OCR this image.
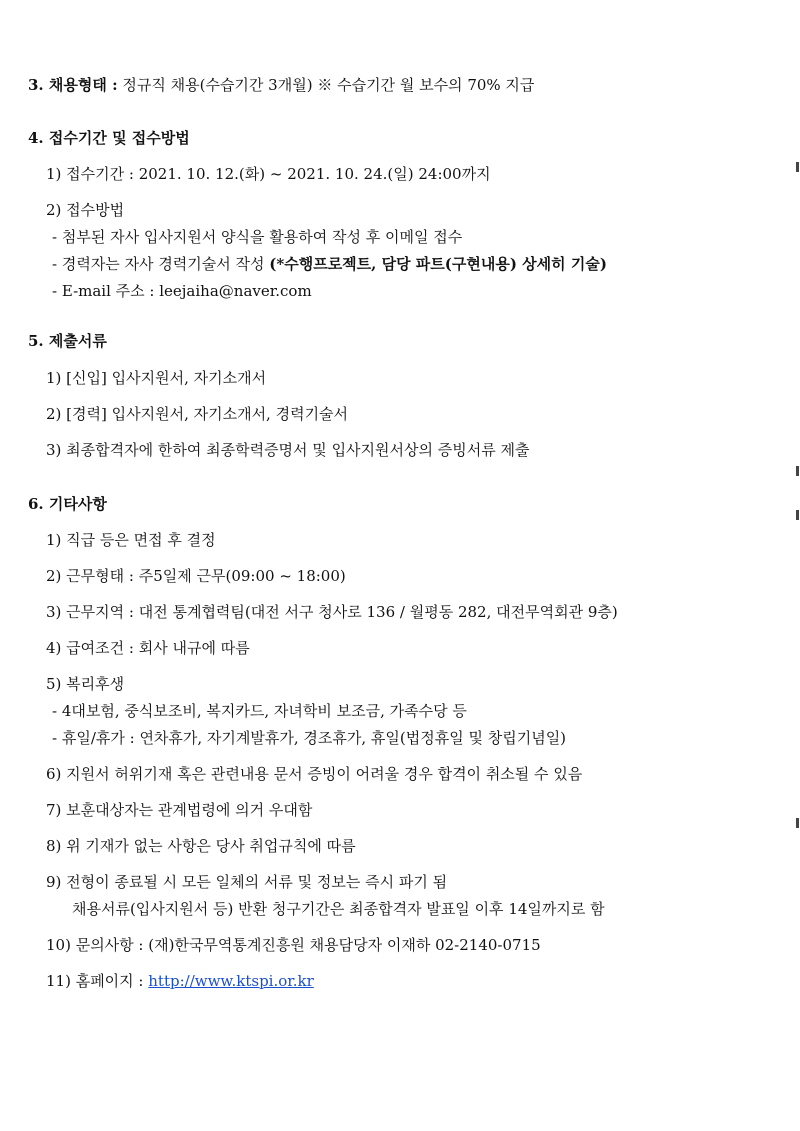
3. 채용형태 : 정규직 채용(수습기간 3개월) ※ 수습기간 월 보수의 70% 지급
4. 접수기간 및 접수방법
1) 접수기간 : 2021. 10. 12.(화) ~ 2021. 10. 24.(일) 24:00까지
2) 접수방법
- 첨부된 자사 입사지원서 양식을 활용하여 작성 후 이메일 접수
- 경력자는 자사 경력기술서 작성 (*수행프로젝트, 담당 파트(구현내용) 상세히 기술)
- E-mail 주소 : leejaiha@naver.com
5. 제출서류
1) [신입] 입사지원서, 자기소개서
2) [경력] 입사지원서, 자기소개서, 경력기술서
3) 최종합격자에 한하여 최종학력증명서 및 입사지원서상의 증빙서류 제출
6. 기타사항
1) 직급 등은 면접 후 결정
2) 근무형태 : 주5일제 근무(09:00 ~ 18:00)
3) 근무지역 : 대전 통계협력팀(대전 서구 청사로 136 / 월평동 282, 대전무역회관 9층)
4) 급여조건 : 회사 내규에 따름
5) 복리후생
- 4대보험, 중식보조비, 복지카드, 자녀학비 보조금, 가족수당 등
- 휴일/휴가 : 연차휴가, 자기계발휴가, 경조휴가, 휴일(법정휴일 및 창립기념일)
6) 지원서 허위기재 혹은 관련내용 문서 증빙이 어려울 경우 합격이 취소될 수 있음
7) 보훈대상자는 관계법령에 의거 우대함
8) 위 기재가 없는 사항은 당사 취업규칙에 따름
9) 전형이 종료될 시 모든 일체의 서류 및 정보는 즉시 파기 됨
채용서류(입사지원서 등) 반환 청구기간은 최종합격자 발표일 이후 14일까지로 함
10) 문의사항 : (재)한국무역통계진흥원 채용담당자 이재하 02-2140-0715
11) 홈페이지 : http://www.ktspi.or.kr
